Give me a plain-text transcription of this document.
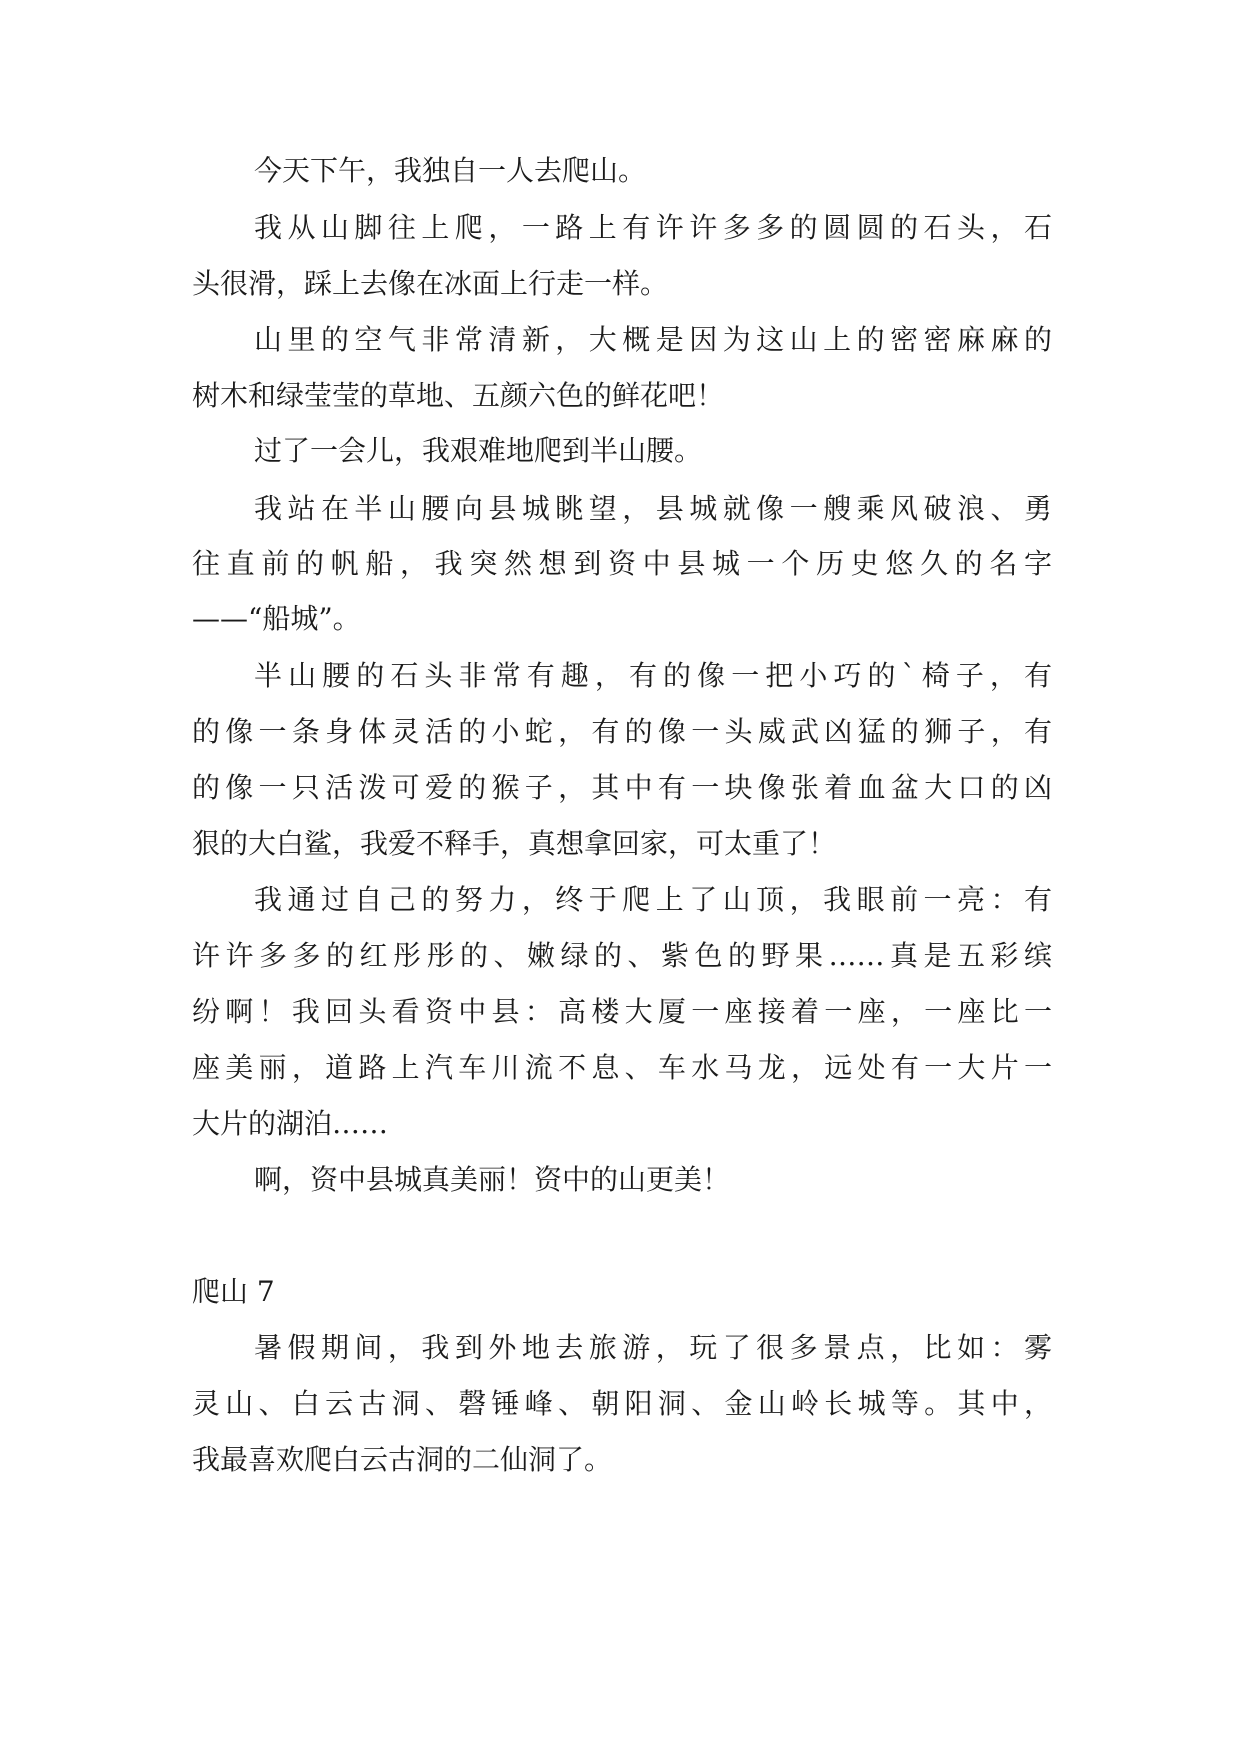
今天下午，我独自一人去爬山。
我从山脚往上爬，一路上有许许多多的圆圆的石头，石
头很滑，踩上去像在冰面上行走一样。
山里的空气非常清新，大概是因为这山上的密密麻麻的
树木和绿莹莹的草地、五颜六色的鲜花吧！
过了一会儿，我艰难地爬到半山腰。
我站在半山腰向县城眺望，县城就像一艘乘风破浪、勇
往直前的帆船，我突然想到资中县城一个历史悠久的名字
——“船城”。
半山腰的石头非常有趣，有的像一把小巧的`椅子，有
的像一条身体灵活的小蛇，有的像一头威武凶猛的狮子，有
的像一只活泼可爱的猴子，其中有一块像张着血盆大口的凶
狠的大白鲨，我爱不释手，真想拿回家，可太重了！
我通过自己的努力，终于爬上了山顶，我眼前一亮：有
许许多多的红彤彤的、嫩绿的、紫色的野果……真是五彩缤
纷啊！我回头看资中县：高楼大厦一座接着一座，一座比一
座美丽，道路上汽车川流不息、车水马龙，远处有一大片一
大片的湖泊……
啊，资中县城真美丽！资中的山更美！
爬山 7
暑假期间，我到外地去旅游，玩了很多景点，比如：雾
灵山、白云古洞、磬锤峰、朝阳洞、金山岭长城等。其中，
我最喜欢爬白云古洞的二仙洞了。
